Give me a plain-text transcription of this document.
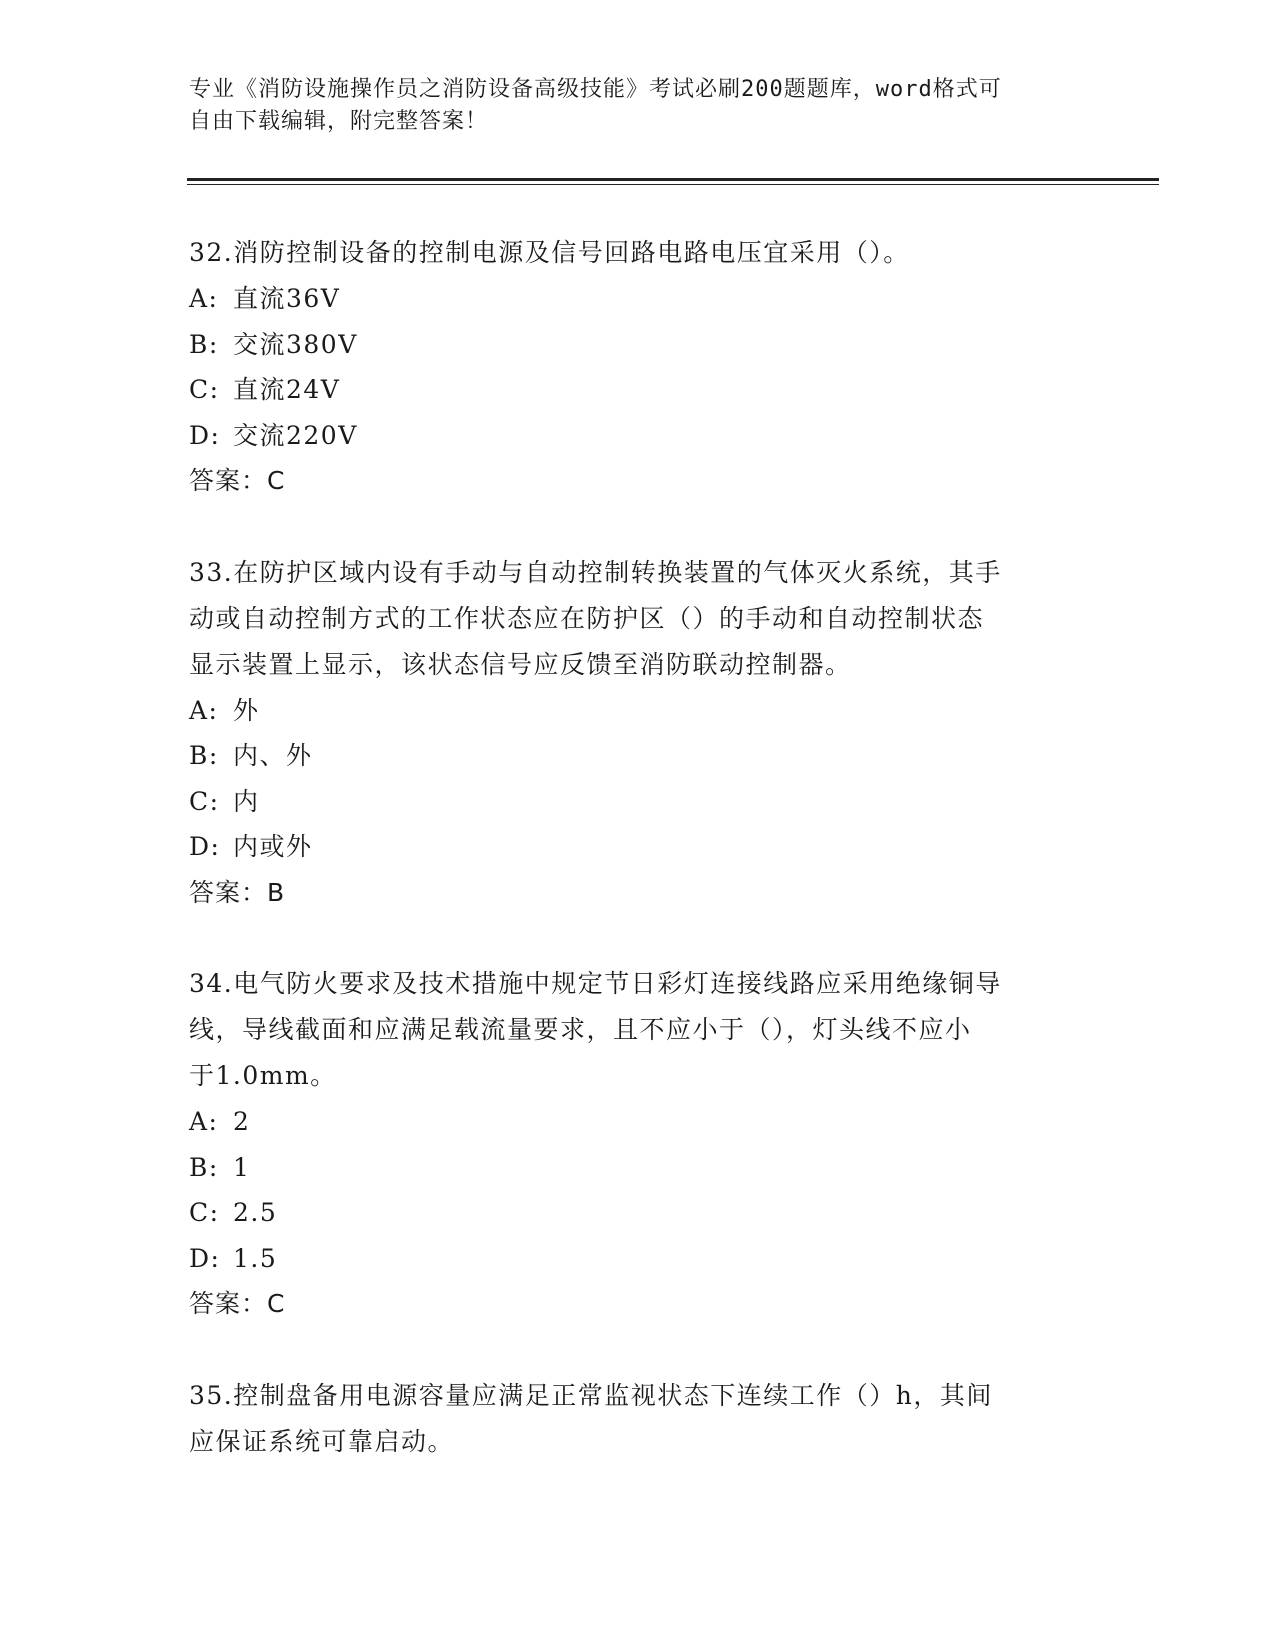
专业《消防设施操作员之消防设备高级技能》考试必刷200题题库，word格式可
自由下载编辑，附完整答案！

32.消防控制设备的控制电源及信号回路电路电压宜采用（）。

A: 直流36V

B: 交流380V

C: 直流24V

D: 交流220V

答案：C

33.在防护区域内设有手动与自动控制转换装置的气体灭火系统，其手

动或自动控制方式的工作状态应在防护区（）的手动和自动控制状态

显示装置上显示，该状态信号应反馈至消防联动控制器。

A: 外

B: 内、外

C: 内

D: 内或外

答案：B

34.电气防火要求及技术措施中规定节日彩灯连接线路应采用绝缘铜导

线，导线截面和应满足载流量要求，且不应小于（），灯头线不应小

于1.0mm。

A: 2

B: 1

C: 2.5

D: 1.5

答案：C

35.控制盘备用电源容量应满足正常监视状态下连续工作（）h，其间

应保证系统可靠启动。
